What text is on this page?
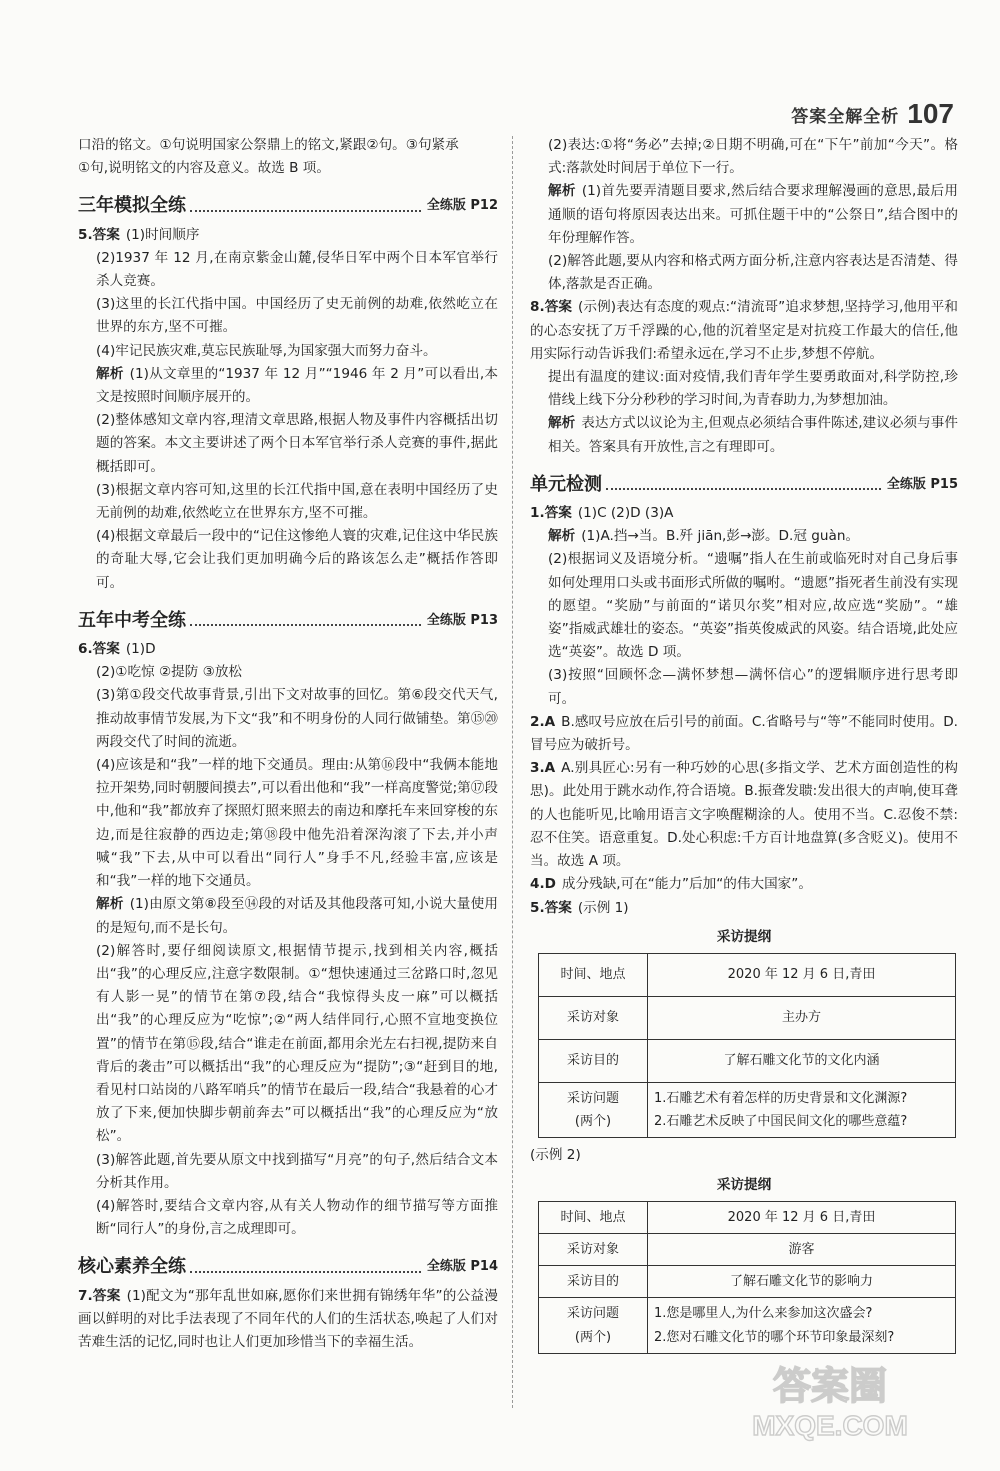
答案全解全析 107

口沿的铭文。①句说明国家公祭鼎上的铭文,紧跟②句。③句紧承

①句,说明铭文的内容及意义。故选 B 项。

三年模拟全练	全练版 P12

5.答案 (1)时间顺序

(2)1937 年 12 月,在南京紫金山麓,侵华日军中两个日本军官举行杀人竞赛。

(3)这里的长江代指中国。中国经历了史无前例的劫难,依然屹立在世界的东方,坚不可摧。

(4)牢记民族灾难,莫忘民族耻辱,为国家强大而努力奋斗。

解析 (1)从文章里的“1937 年 12 月”“1946 年 2 月”可以看出,本文是按照时间顺序展开的。

(2)整体感知文章内容,理清文章思路,根据人物及事件内容概括出切题的答案。本文主要讲述了两个日本军官举行杀人竞赛的事件,据此概括即可。

(3)根据文章内容可知,这里的长江代指中国,意在表明中国经历了史无前例的劫难,依然屹立在世界东方,坚不可摧。

(4)根据文章最后一段中的“记住这惨绝人寰的灾难,记住这中华民族的奇耻大辱,它会让我们更加明确今后的路该怎么走”概括作答即可。

五年中考全练	全练版 P13

6.答案 (1)D

(2)①吃惊 ②提防 ③放松

(3)第①段交代故事背景,引出下文对故事的回忆。第⑥段交代天气,推动故事情节发展,为下文“我”和不明身份的人同行做铺垫。第⑮⑳两段交代了时间的流逝。

(4)应该是和“我”一样的地下交通员。理由:从第⑯段中“我俩本能地拉开架势,同时朝腰间摸去”,可以看出他和“我”一样高度警觉;第⑰段中,他和“我”都放弃了探照灯照来照去的南边和摩托车来回穿梭的东边,而是往寂静的西边走;第⑱段中他先沿着深沟滚了下去,并小声喊“我”下去,从中可以看出“同行人”身手不凡,经验丰富,应该是和“我”一样的地下交通员。

解析 (1)由原文第⑧段至⑭段的对话及其他段落可知,小说大量使用的是短句,而不是长句。

(2)解答时,要仔细阅读原文,根据情节提示,找到相关内容,概括出“我”的心理反应,注意字数限制。①“想快速通过三岔路口时,忽见有人影一晃”的情节在第⑦段,结合“我惊得头皮一麻”可以概括出“我”的心理反应为“吃惊”;②“两人结伴同行,心照不宣地变换位置”的情节在第⑮段,结合“谁走在前面,都用余光左右扫视,提防来自背后的袭击”可以概括出“我”的心理反应为“提防”;③“赶到目的地,看见村口站岗的八路军哨兵”的情节在最后一段,结合“我悬着的心才放了下来,便加快脚步朝前奔去”可以概括出“我”的心理反应为“放松”。

(3)解答此题,首先要从原文中找到描写“月亮”的句子,然后结合文本分析其作用。

(4)解答时,要结合文章内容,从有关人物动作的细节描写等方面推断“同行人”的身份,言之成理即可。

核心素养全练	全练版 P14

7.答案 (1)配文为“那年乱世如麻,愿你们来世拥有锦绣年华”的公益漫画以鲜明的对比手法表现了不同年代的人们的生活状态,唤起了人们对苦难生活的记忆,同时也让人们更加珍惜当下的幸福生活。

(2)表达:①将“务必”去掉;②日期不明确,可在“下午”前加“今天”。格式:落款处时间居于单位下一行。

解析 (1)首先要弄清题目要求,然后结合要求理解漫画的意思,最后用通顺的语句将原因表达出来。可抓住题干中的“公祭日”,结合图中的年份理解作答。

(2)解答此题,要从内容和格式两方面分析,注意内容表达是否清楚、得体,落款是否正确。

8.答案 (示例)表达有态度的观点:“清流哥”追求梦想,坚持学习,他用平和的心态安抚了万千浮躁的心,他的沉着坚定是对抗疫工作最大的信任,他用实际行动告诉我们:希望永远在,学习不止步,梦想不停航。

提出有温度的建议:面对疫情,我们青年学生要勇敢面对,科学防控,珍惜线上线下分分秒秒的学习时间,为青春助力,为梦想加油。

解析 表达方式以议论为主,但观点必须结合事件陈述,建议必须与事件相关。答案具有开放性,言之有理即可。

单元检测	全练版 P15

1.答案 (1)C (2)D (3)A

解析 (1)A.挡→当。B.歼 jiān,彭→澎。D.冠 guàn。

(2)根据词义及语境分析。“遗嘱”指人在生前或临死时对自己身后事如何处理用口头或书面形式所做的嘱咐。“遗愿”指死者生前没有实现的愿望。“奖励”与前面的“诺贝尔奖”相对应,故应选“奖励”。“雄姿”指威武雄壮的姿态。“英姿”指英俊威武的风姿。结合语境,此处应选“英姿”。故选 D 项。

(3)按照“回顾怀念—满怀梦想—满怀信心”的逻辑顺序进行思考即可。

2.A B.感叹号应放在后引号的前面。C.省略号与“等”不能同时使用。D.冒号应为破折号。

3.A A.别具匠心:另有一种巧妙的心思(多指文学、艺术方面创造性的构思)。此处用于跳水动作,符合语境。B.振聋发聩:发出很大的声响,使耳聋的人也能听见,比喻用语言文字唤醒糊涂的人。使用不当。C.忍俊不禁:忍不住笑。语意重复。D.处心积虑:千方百计地盘算(多含贬义)。使用不当。故选 A 项。

4.D 成分残缺,可在“能力”后加“的伟大国家”。

5.答案 (示例 1)

采访提纲
时间、地点	2020 年 12 月 6 日,青田
采访对象	主办方
采访目的	了解石雕文化节的文化内涵
采访问题
(两个)	1.石雕艺术有着怎样的历史背景和文化渊源?
2.石雕艺术反映了中国民间文化的哪些意蕴?

(示例 2)

采访提纲
时间、地点	2020 年 12 月 6 日,青田
采访对象	游客
采访目的	了解石雕文化节的影响力
采访问题
(两个)	1.您是哪里人,为什么来参加这次盛会?
2.您对石雕文化节的哪个环节印象最深刻?
答案圈
MXQE.COM
